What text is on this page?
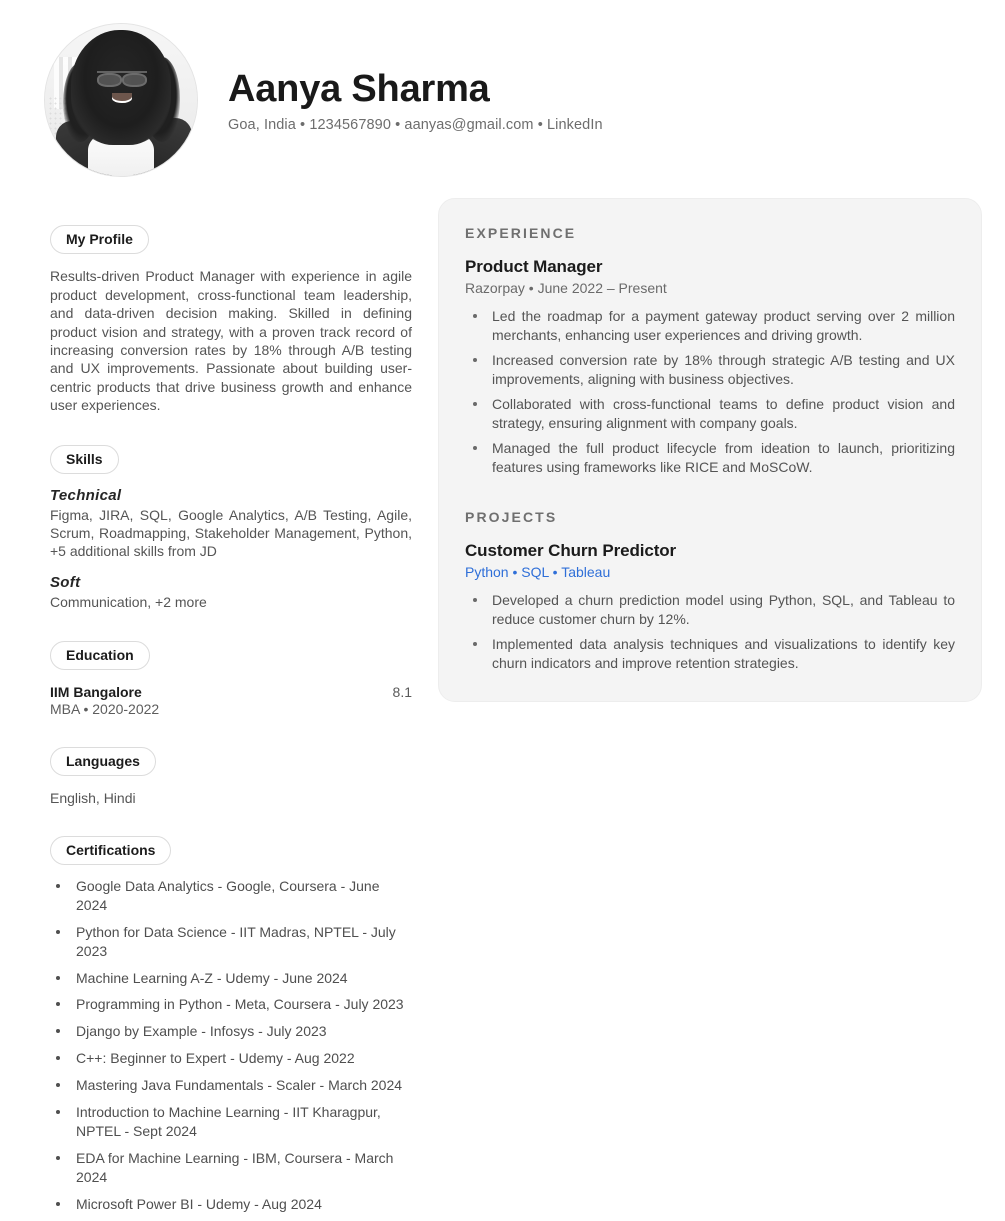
Aanya Sharma
Goa, India • 1234567890 • aanyas@gmail.com • LinkedIn
My Profile
Results-driven Product Manager with experience in agile product development, cross-functional team leadership, and data-driven decision making. Skilled in defining product vision and strategy, with a proven track record of increasing conversion rates by 18% through A/B testing and UX improvements. Passionate about building user-centric products that drive business growth and enhance user experiences.
Skills
Technical
Figma, JIRA, SQL, Google Analytics, A/B Testing, Agile, Scrum, Roadmapping, Stakeholder Management, Python, +5 additional skills from JD
Soft
Communication, +2 more
Education
IIM Bangalore	8.1
MBA • 2020-2022
Languages
English, Hindi
Certifications
Google Data Analytics - Google, Coursera - June 2024
Python for Data Science - IIT Madras, NPTEL - July 2023
Machine Learning A-Z - Udemy - June 2024
Programming in Python - Meta, Coursera - July 2023
Django by Example - Infosys - July 2023
C++: Beginner to Expert - Udemy - Aug 2022
Mastering Java Fundamentals - Scaler - March 2024
Introduction to Machine Learning - IIT Kharagpur, NPTEL - Sept 2024
EDA for Machine Learning - IBM, Coursera - March 2024
Microsoft Power BI - Udemy - Aug 2024
EXPERIENCE
Product Manager
Razorpay • June 2022 – Present
Led the roadmap for a payment gateway product serving over 2 million merchants, enhancing user experiences and driving growth.
Increased conversion rate by 18% through strategic A/B testing and UX improvements, aligning with business objectives.
Collaborated with cross-functional teams to define product vision and strategy, ensuring alignment with company goals.
Managed the full product lifecycle from ideation to launch, prioritizing features using frameworks like RICE and MoSCoW.
PROJECTS
Customer Churn Predictor
Python • SQL • Tableau
Developed a churn prediction model using Python, SQL, and Tableau to reduce customer churn by 12%.
Implemented data analysis techniques and visualizations to identify key churn indicators and improve retention strategies.
